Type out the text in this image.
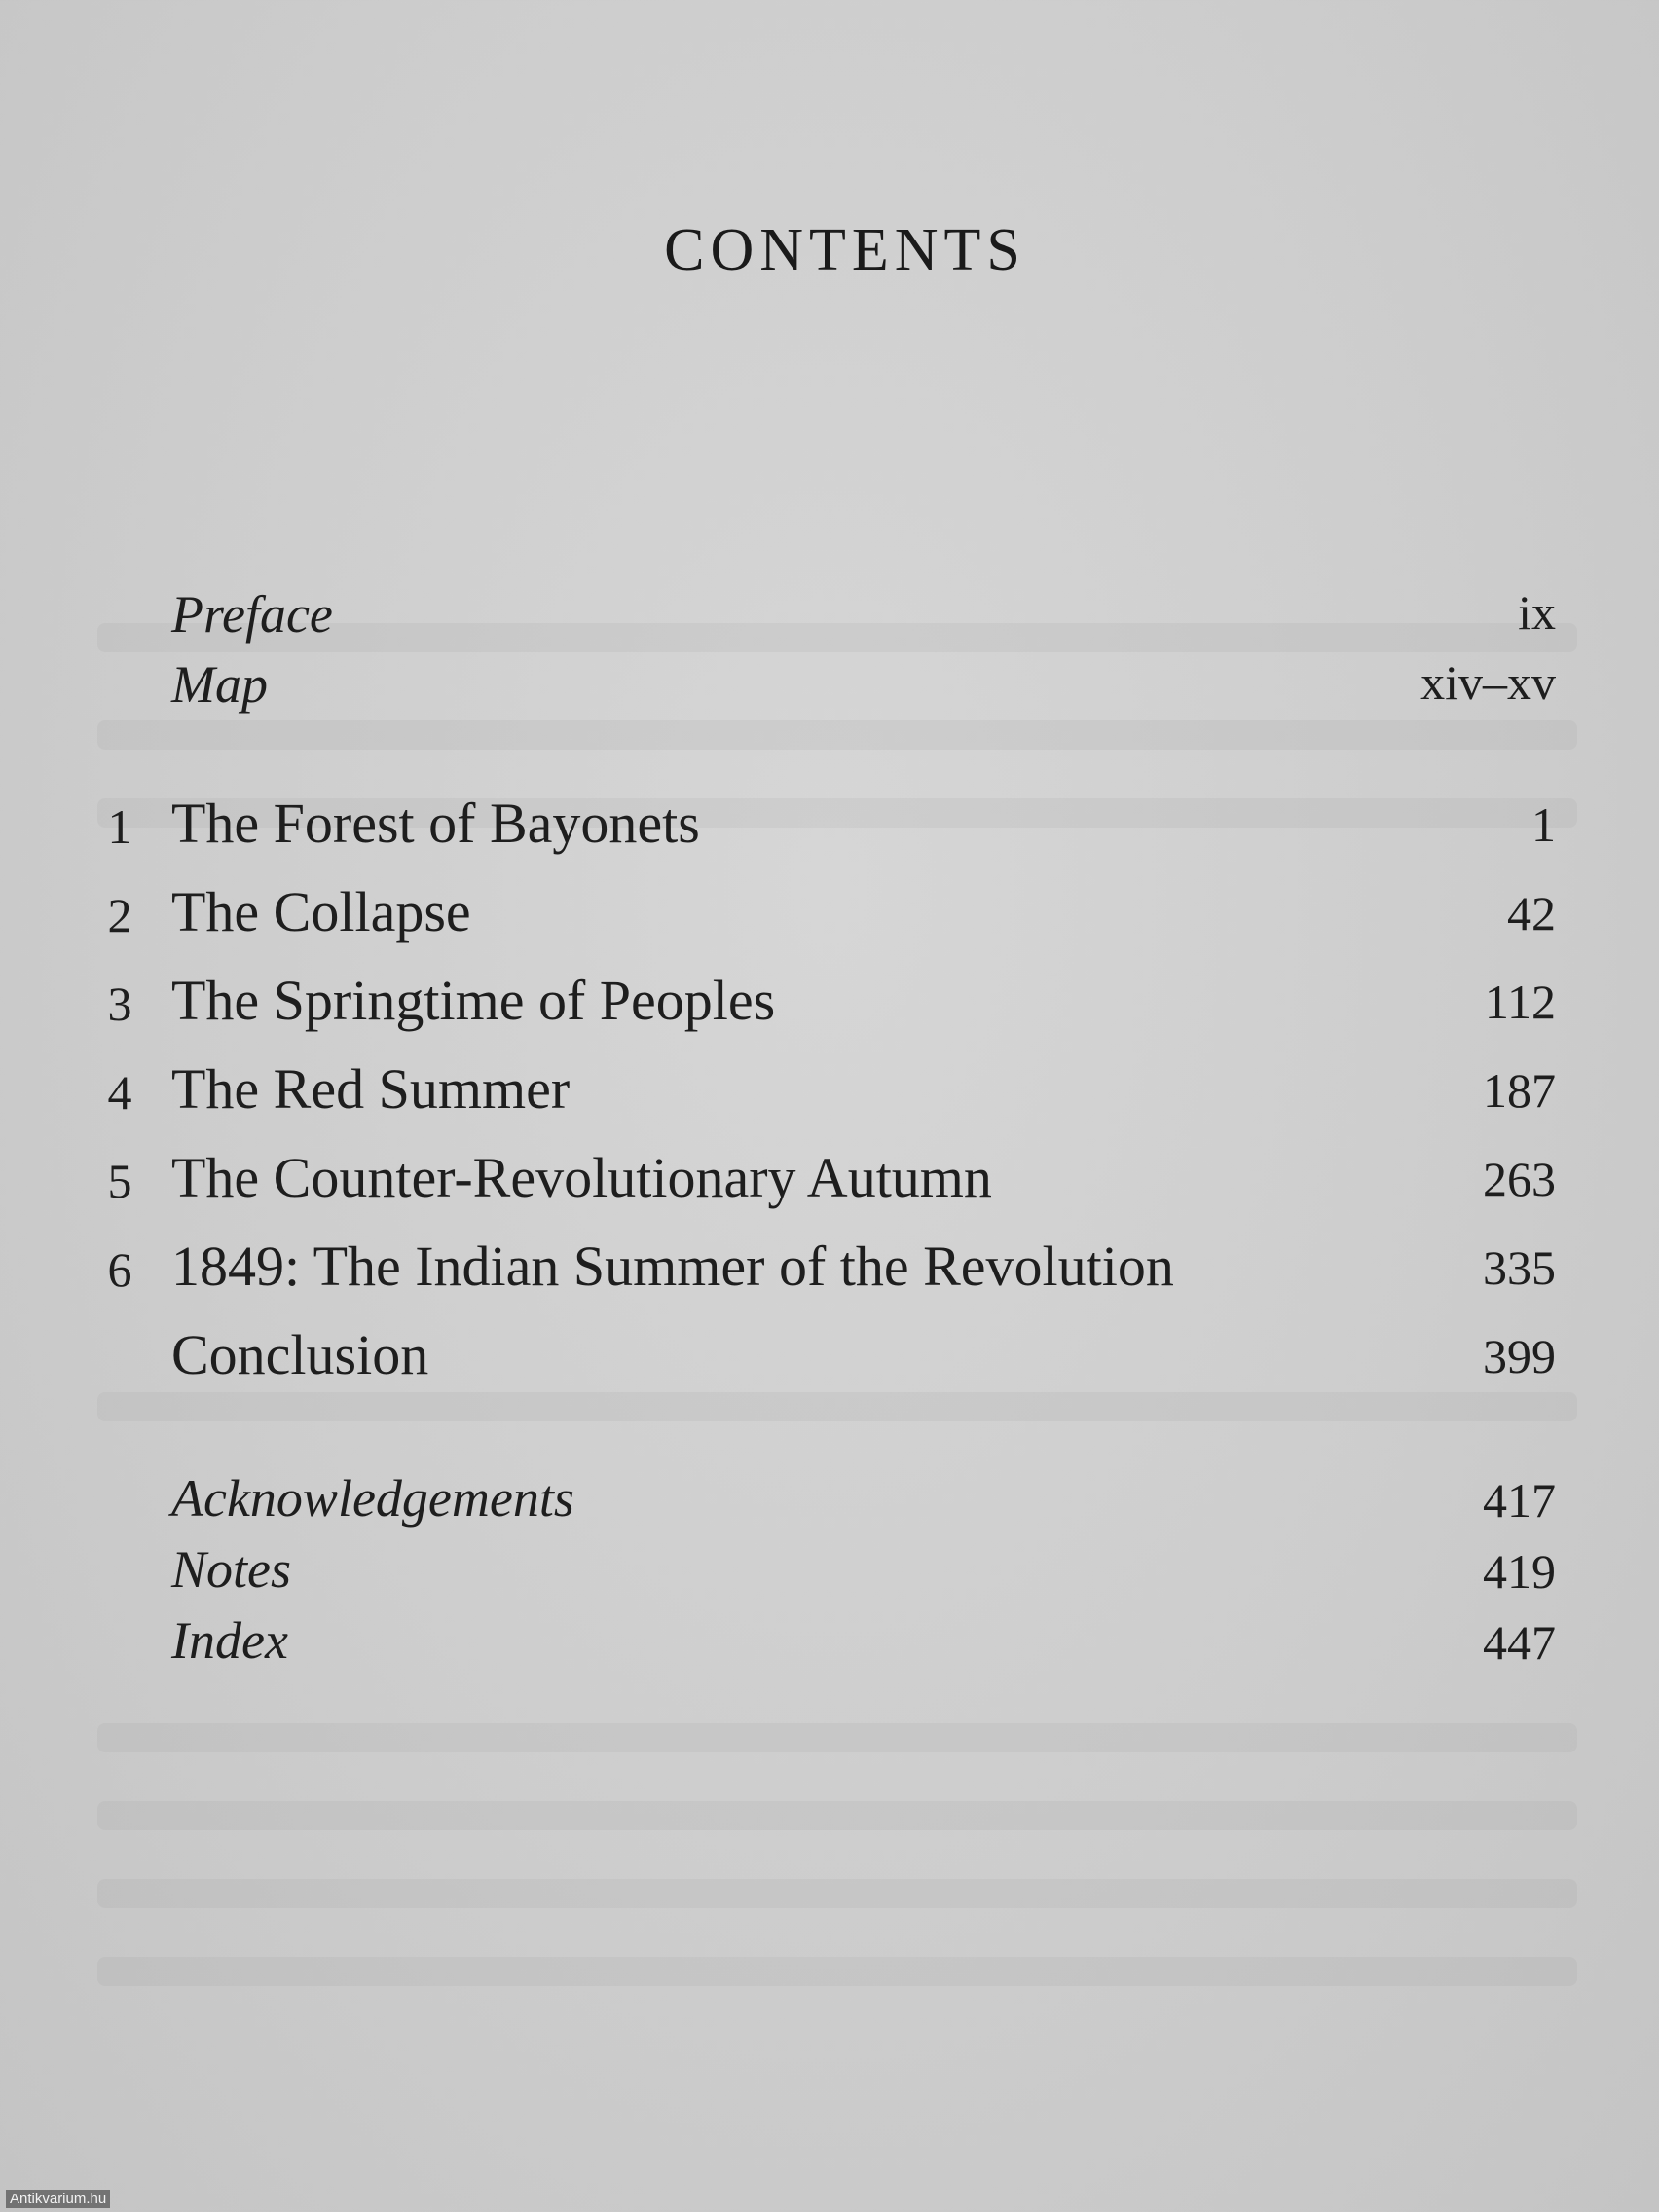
CONTENTS
Preface	ix
Map	xiv–xv
1 The Forest of Bayonets	1
2 The Collapse	42
3 The Springtime of Peoples	112
4 The Red Summer	187
5 The Counter-Revolutionary Autumn	263
6 1849: The Indian Summer of the Revolution	335
Conclusion	399
Acknowledgements	417
Notes	419
Index	447
Antikvarium.hu
